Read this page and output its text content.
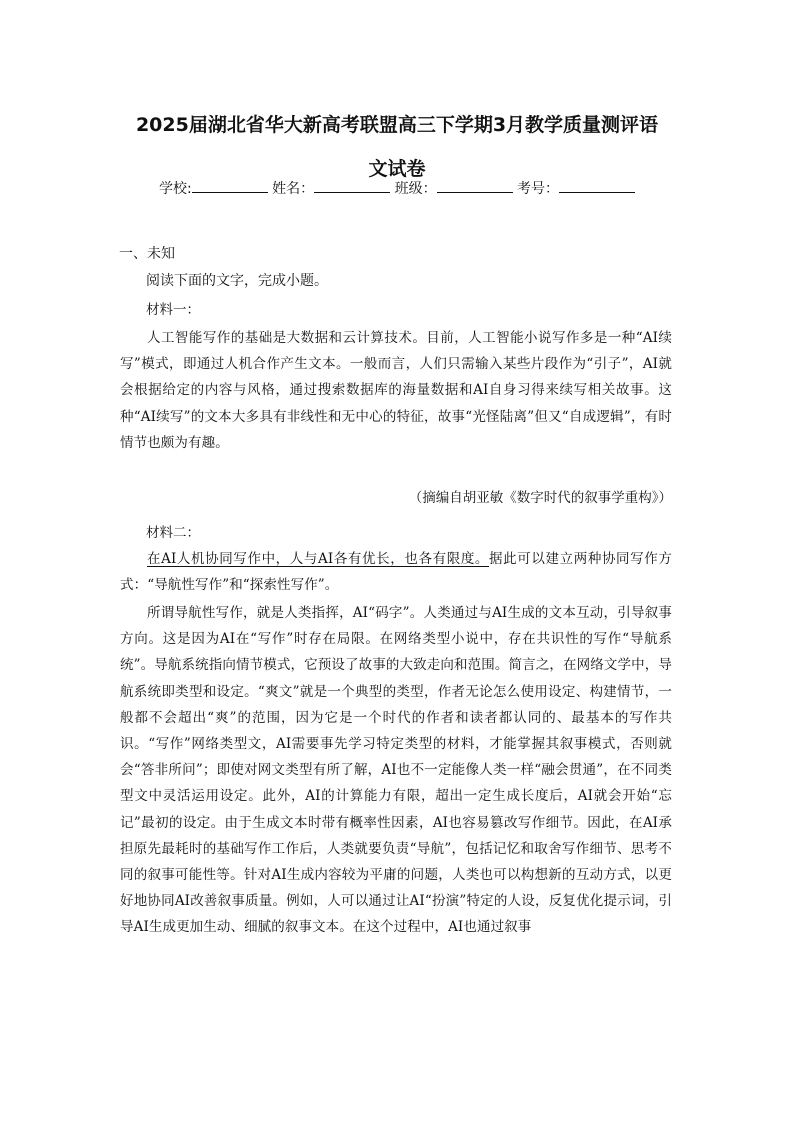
2025届湖北省华大新高考联盟高三下学期3月教学质量测评语
文试卷
学校:	姓名：	班级：	考号：
一、未知
阅读下面的文字，完成小题。
材料一：

人工智能写作的基础是大数据和云计算技术。目前，人工智能小说写作多是一种“AI续写”模式，即通过人机合作产生文本。一般而言，人们只需输入某些片段作为“引子”，AI就会根据给定的内容与风格，通过搜索数据库的海量数据和AI自身习得来续写相关故事。这种“AI续写”的文本大多具有非线性和无中心的特征，故事“光怪陆离”但又“自成逻辑”，有时情节也颇为有趣。

（摘编自胡亚敏《数字时代的叙事学重构》）
材料二：

在AI人机协同写作中，人与AI各有优长，也各有限度。据此可以建立两种协同写作方式：“导航性写作”和“探索性写作”。

所谓导航性写作，就是人类指挥，AI“码字”。人类通过与AI生成的文本互动，引导叙事方向。这是因为AI在“写作”时存在局限。在网络类型小说中，存在共识性的写作“导航系统”。导航系统指向情节模式，它预设了故事的大致走向和范围。简言之，在网络文学中，导航系统即类型和设定。“爽文”就是一个典型的类型，作者无论怎么使用设定、构建情节，一般都不会超出“爽”的范围，因为它是一个时代的作者和读者都认同的、最基本的写作共识。“写作”网络类型文，AI需要事先学习特定类型的材料，才能掌握其叙事模式，否则就会“答非所问”；即使对网文类型有所了解，AI也不一定能像人类一样“融会贯通”，在不同类型文中灵活运用设定。此外，AI的计算能力有限，超出一定生成长度后，AI就会开始“忘记”最初的设定。由于生成文本时带有概率性因素，AI也容易篡改写作细节。因此，在AI承担原先最耗时的基础写作工作后，人类就要负责“导航”，包括记忆和取舍写作细节、思考不同的叙事可能性等。针对AI生成内容较为平庸的问题，人类也可以构想新的互动方式，以更好地协同AI改善叙事质量。例如，人可以通过让AI“扮演”特定的人设，反复优化提示词，引导AI生成更加生动、细腻的叙事文本。在这个过程中，AI也通过叙事
